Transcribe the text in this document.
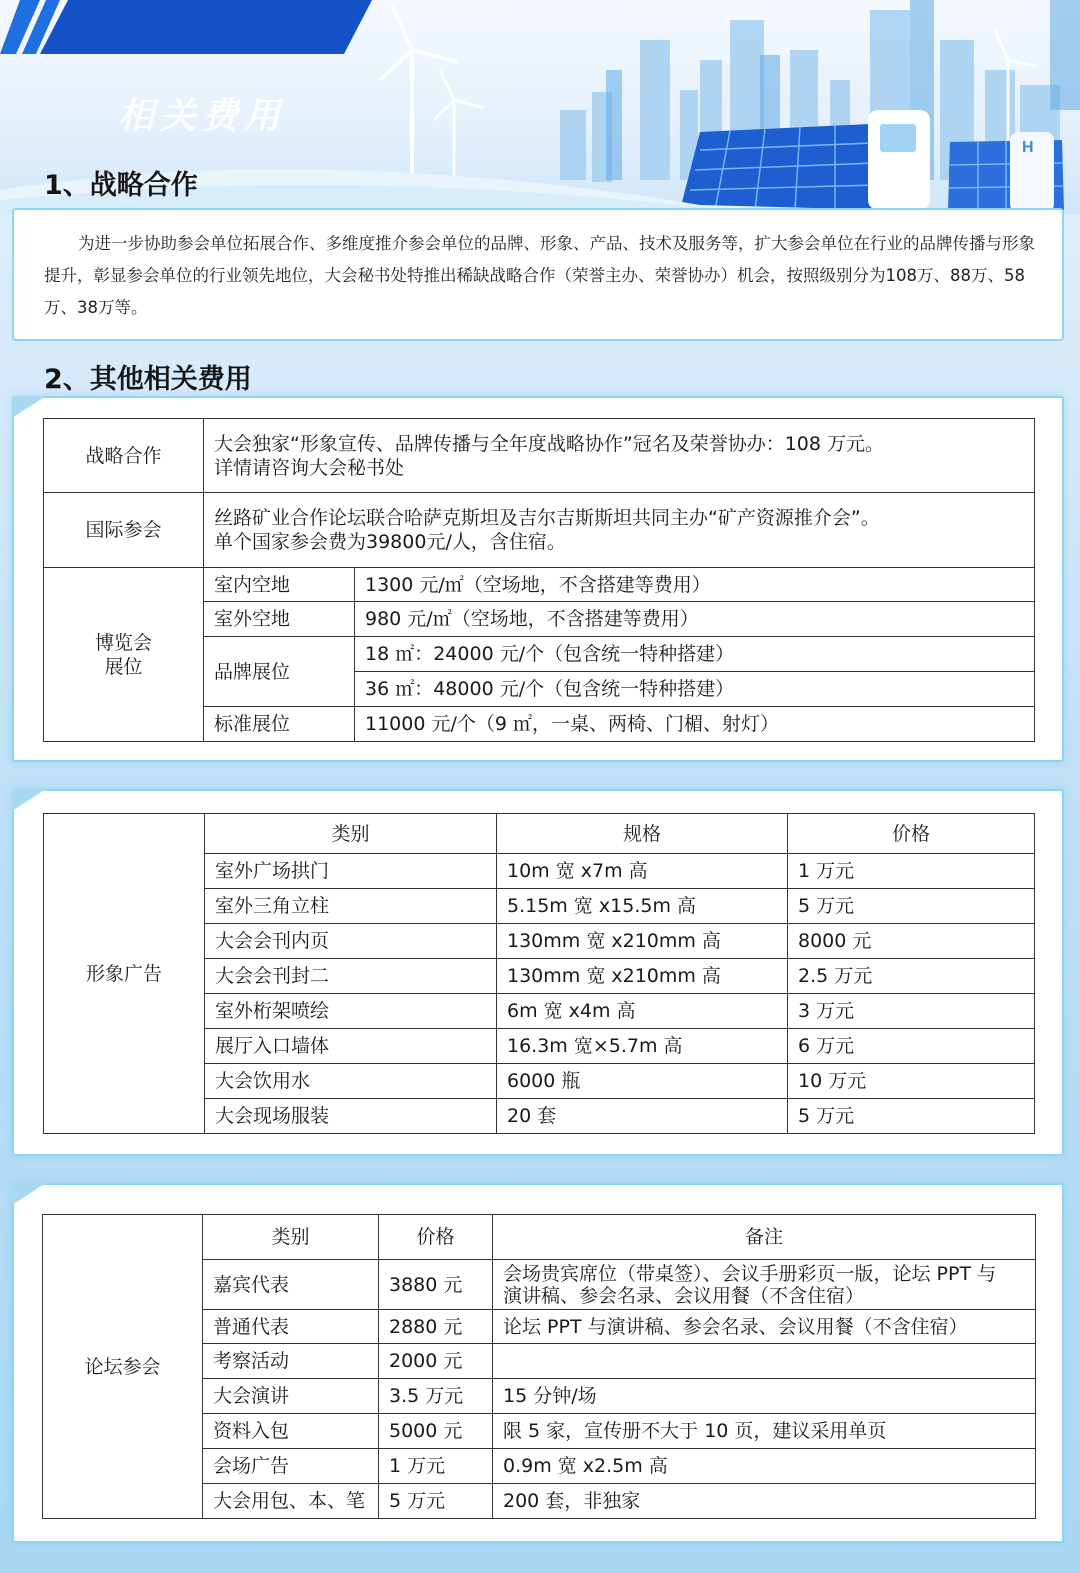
H
相关费用
1、战略合作

为进一步协助参会单位拓展合作、多维度推介参会单位的品牌、形象、产品、技术及服务等，扩大参会单位在行业的品牌传播与形象提升，彰显参会单位的行业领先地位，大会秘书处特推出稀缺战略合作（荣誉主办、荣誉协办）机会，按照级别分为108万、88万、58万、38万等。

2、其他相关费用
战略合作	大会独家“形象宣传、品牌传播与全年度战略协作”冠名及荣誉协办：108 万元。
详情请咨询大会秘书处	

国际参会	丝路矿业合作论坛联合哈萨克斯坦及吉尔吉斯斯坦共同主办“矿产资源推介会”。
单个国家参会费为39800元/人，含住宿。	

博览会
展位	室内空地	1300 元/㎡（空场地，不含搭建等费用）
	室外空地	980 元/㎡（空场地，不含搭建等费用）
	品牌展位	18 ㎡：24000 元/个（包含统一特种搭建）
		36 ㎡：48000 元/个（包含统一特种搭建）
	标准展位	11000 元/个（9 ㎡，一桌、两椅、门楣、射灯）
形象广告	类别	规格	价格
	室外广场拱门	10m 宽 x7m 高	1 万元
	室外三角立柱	5.15m 宽 x15.5m 高	5 万元
	大会会刊内页	130mm 宽 x210mm 高	8000 元
	大会会刊封二	130mm 宽 x210mm 高	2.5 万元
	室外桁架喷绘	6m 宽 x4m 高	3 万元
	展厅入口墙体	16.3m 宽×5.7m 高	6 万元
	大会饮用水	6000 瓶	10 万元
	大会现场服装	20 套	5 万元
论坛参会	类别	价格	备注
	嘉宾代表	3880 元	会场贵宾席位（带桌签）、会议手册彩页一版，论坛 PPT 与
演讲稿、参会名录、会议用餐（不含住宿）

	普通代表	2880 元	论坛 PPT 与演讲稿、参会名录、会议用餐（不含住宿）
	考察活动	2000 元	
	大会演讲	3.5 万元	15 分钟/场
	资料入包	5000 元	限 5 家，宣传册不大于 10 页，建议采用单页
	会场广告	1 万元	0.9m 宽 x2.5m 高
	大会用包、本、笔	5 万元	200 套，非独家
